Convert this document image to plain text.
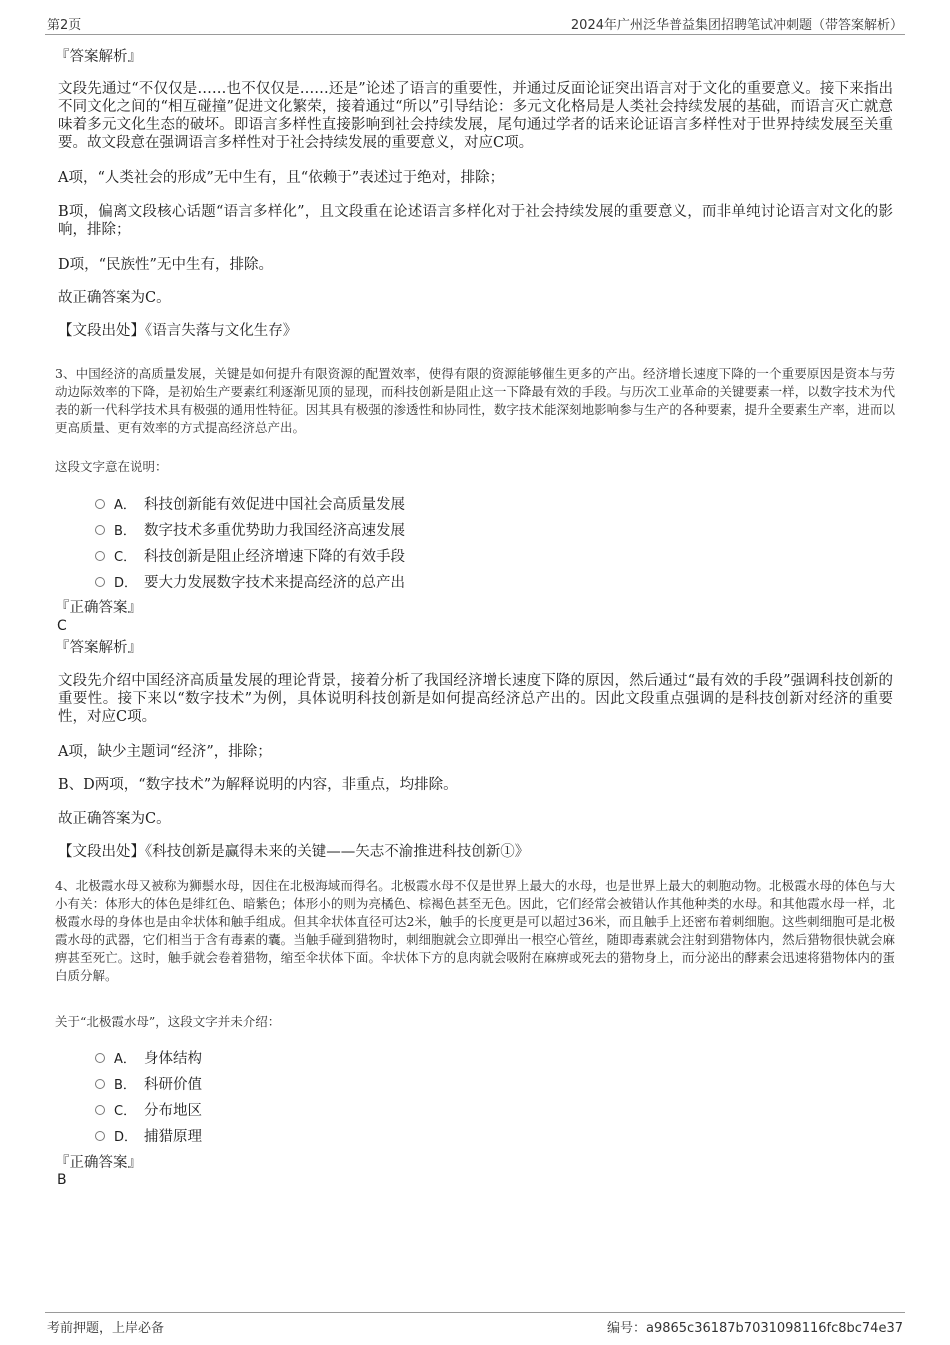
第2页	2024年广州泛华普益集团招聘笔试冲刺题（带答案解析）

『答案解析』

文段先通过“不仅仅是……也不仅仅是……还是”论述了语言的重要性，并通过反面论证突出语言对于文化的重要意义。接下来指出不同文化之间的“相互碰撞”促进文化繁荣，接着通过“所以”引导结论：多元文化格局是人类社会持续发展的基础，而语言灭亡就意味着多元文化生态的破坏。即语言多样性直接影响到社会持续发展，尾句通过学者的话来论证语言多样性对于世界持续发展至关重要。故文段意在强调语言多样性对于社会持续发展的重要意义，对应C项。

A项，“人类社会的形成”无中生有，且“依赖于”表述过于绝对，排除；

B项，偏离文段核心话题“语言多样化”，且文段重在论述语言多样化对于社会持续发展的重要意义，而非单纯讨论语言对文化的影响，排除；

D项，“民族性”无中生有，排除。

故正确答案为C。

【文段出处】《语言失落与文化生存》

3、中国经济的高质量发展，关键是如何提升有限资源的配置效率，使得有限的资源能够催生更多的产出。经济增长速度下降的一个重要原因是资本与劳动边际效率的下降，是初始生产要素红利逐渐见顶的显现，而科技创新是阻止这一下降最有效的手段。与历次工业革命的关键要素一样，以数字技术为代表的新一代科学技术具有极强的通用性特征。因其具有极强的渗透性和协同性，数字技术能深刻地影响参与生产的各种要素，提升全要素生产率，进而以更高质量、更有效率的方式提高经济总产出。

这段文字意在说明：

A． 科技创新能有效促进中国社会高质量发展
B． 数字技术多重优势助力我国经济高速发展
C． 科技创新是阻止经济增速下降的有效手段
D． 要大力发展数字技术来提高经济的总产出

『正确答案』

C

『答案解析』

文段先介绍中国经济高质量发展的理论背景，接着分析了我国经济增长速度下降的原因，然后通过“最有效的手段”强调科技创新的重要性。接下来以“数字技术”为例，具体说明科技创新是如何提高经济总产出的。因此文段重点强调的是科技创新对经济的重要性，对应C项。

A项，缺少主题词“经济”，排除；

B、D两项，“数字技术”为解释说明的内容，非重点，均排除。

故正确答案为C。

【文段出处】《科技创新是赢得未来的关键——矢志不渝推进科技创新①》

4、北极霞水母又被称为狮鬃水母，因住在北极海域而得名。北极霞水母不仅是世界上最大的水母，也是世界上最大的刺胞动物。北极霞水母的体色与大小有关：体形大的体色是绯红色、暗紫色；体形小的则为亮橘色、棕褐色甚至无色。因此，它们经常会被错认作其他种类的水母。和其他霞水母一样，北极霞水母的身体也是由伞状体和触手组成。但其伞状体直径可达2米，触手的长度更是可以超过36米，而且触手上还密布着刺细胞。这些刺细胞可是北极霞水母的武器，它们相当于含有毒素的囊。当触手碰到猎物时，刺细胞就会立即弹出一根空心管丝，随即毒素就会注射到猎物体内，然后猎物很快就会麻痹甚至死亡。这时，触手就会卷着猎物，缩至伞状体下面。伞状体下方的息肉就会吸附在麻痹或死去的猎物身上，而分泌出的酵素会迅速将猎物体内的蛋白质分解。

关于“北极霞水母”，这段文字并未介绍：

A． 身体结构
B． 科研价值
C． 分布地区
D． 捕猎原理

『正确答案』

B

考前押题，上岸必备	编号：a9865c36187b7031098116fc8bc74e37
